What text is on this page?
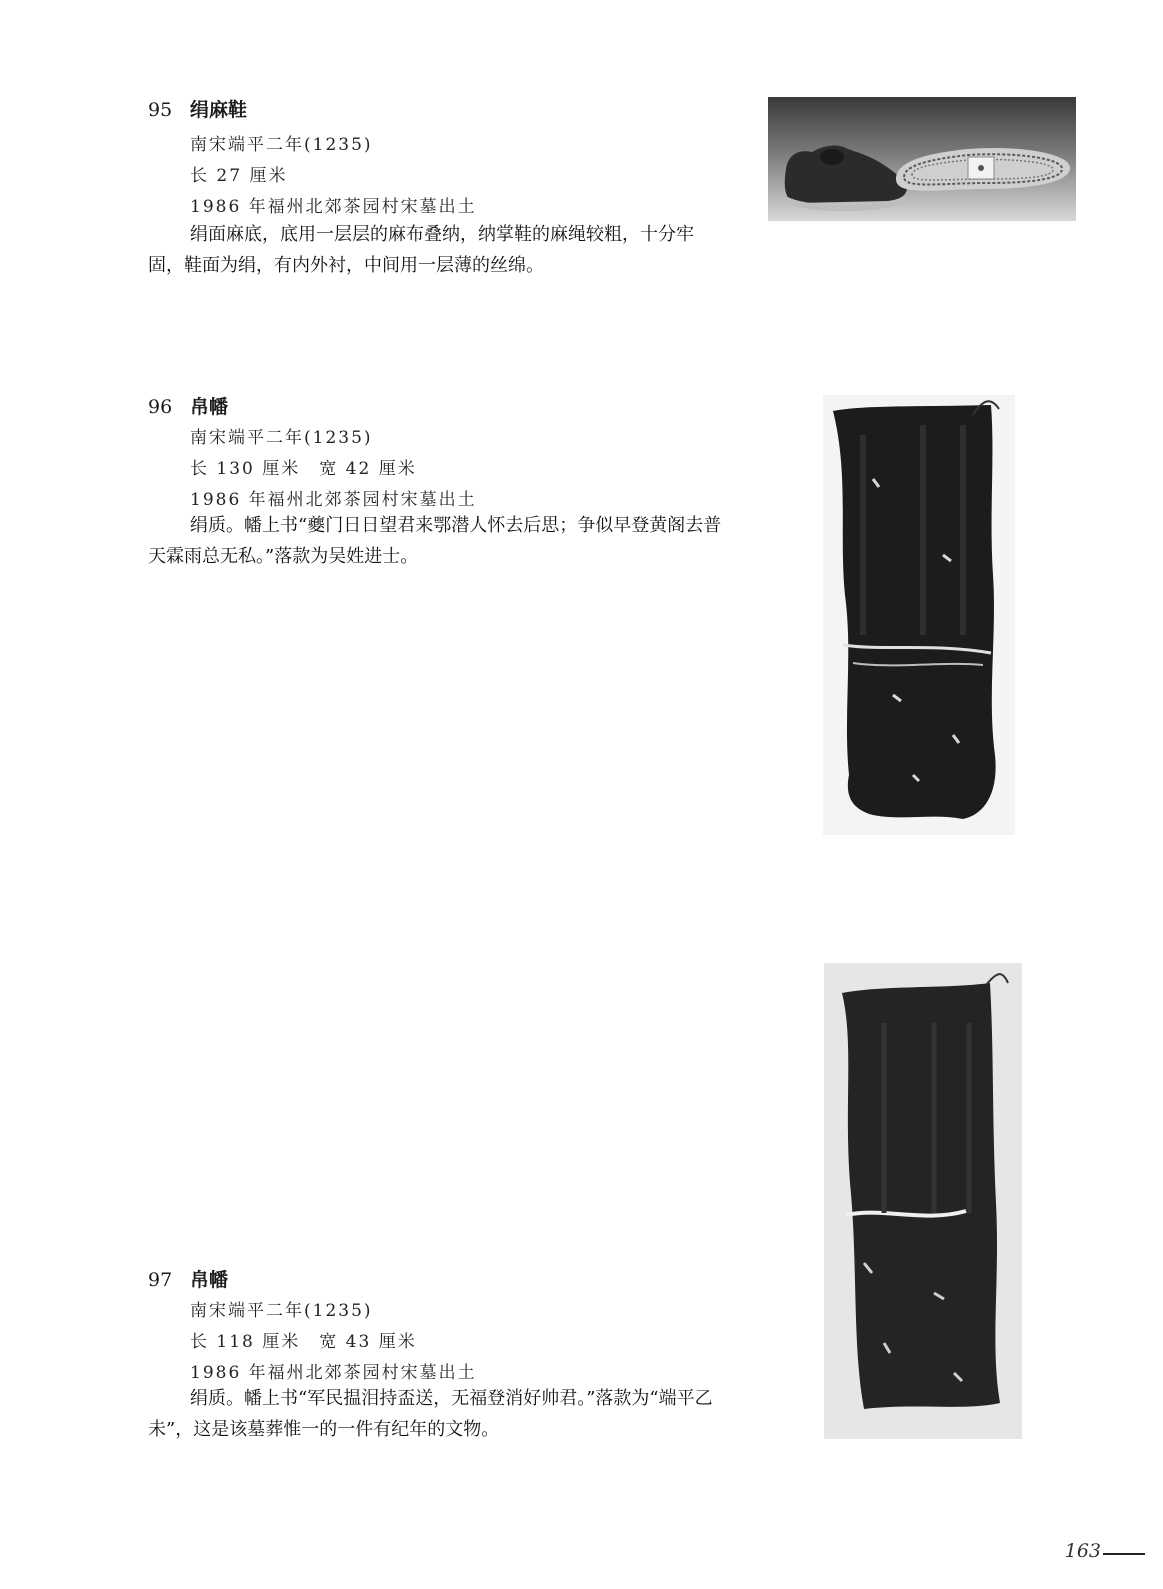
95 绢麻鞋
南宋端平二年(1235)
长 27 厘米
1986 年福州北郊茶园村宋墓出土
绢面麻底，底用一层层的麻布叠纳，纳掌鞋的麻绳较粗，十分牢固，鞋面为绢，有内外衬，中间用一层薄的丝绵。
96 帛幡
南宋端平二年(1235)
长 130 厘米　宽 42 厘米
1986 年福州北郊茶园村宋墓出土
绢质。幡上书“夔门日日望君来鄂潜人怀去后思；争似早登黄阁去普天霖雨总无私。”落款为吴姓进士。
97 帛幡
南宋端平二年(1235)
长 118 厘米　宽 43 厘米
1986 年福州北郊茶园村宋墓出土
绢质。幡上书“军民揾泪持盃送，无福登消好帅君。”落款为“端平乙未”，这是该墓葬惟一的一件有纪年的文物。
163
